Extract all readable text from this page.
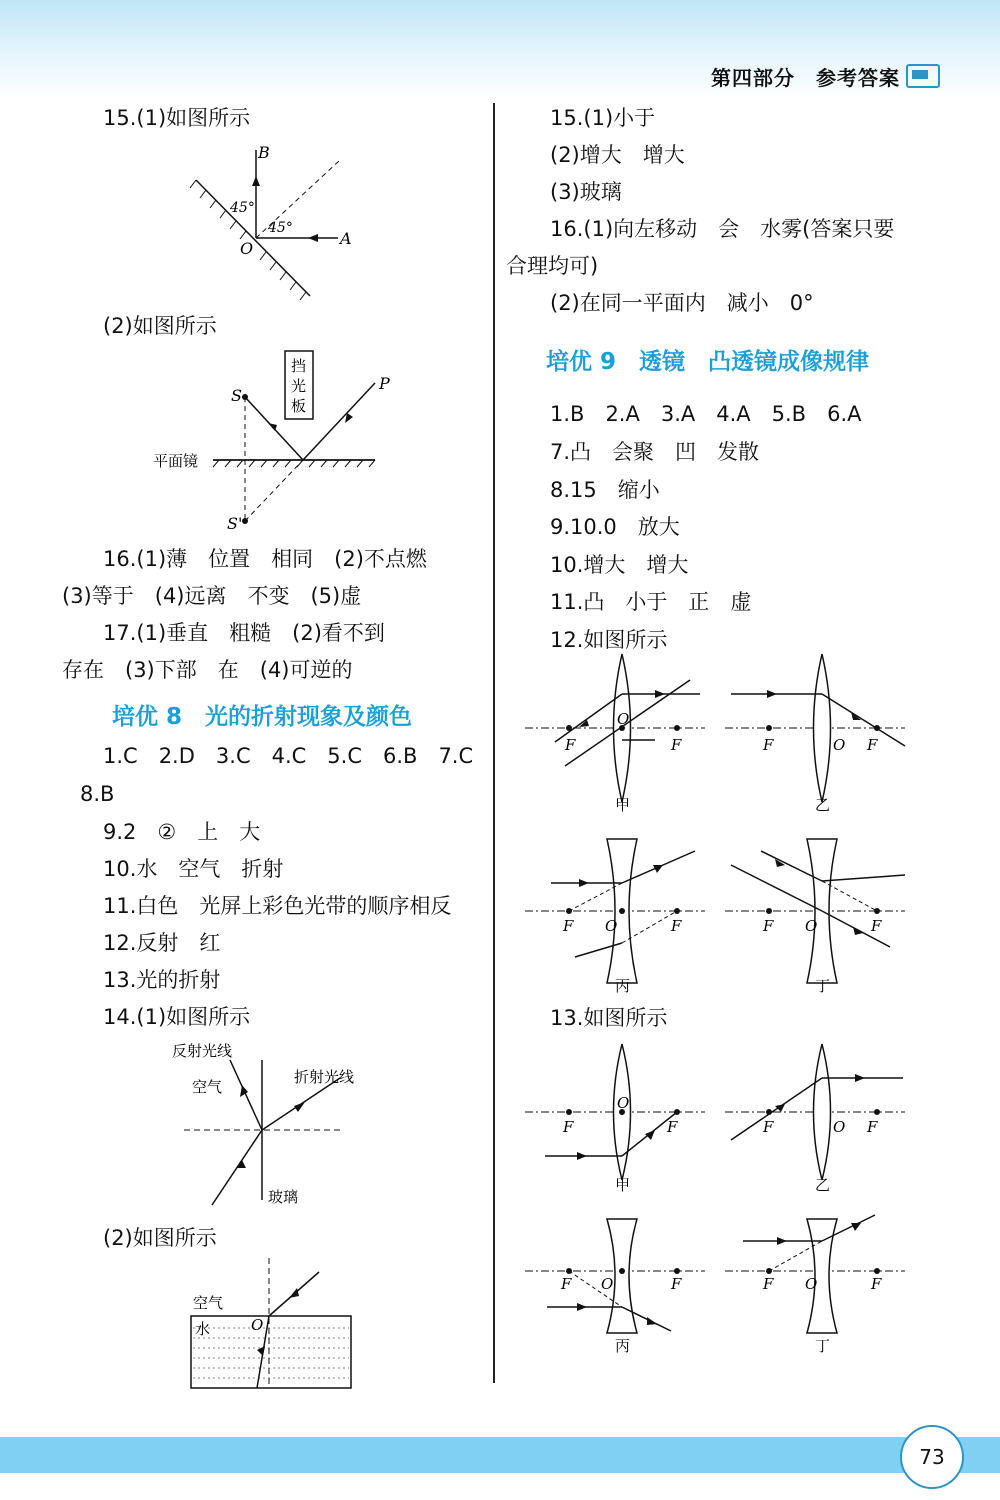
第四部分　参考答案
15.(1)如图所示
B
A
O
45°
45°
(2)如图所示
挡
光
板
S
S'
P
平面镜
16.(1)薄　位置　相同　(2)不点燃
(3)等于　(4)远离　不变　(5)虚
17.(1)垂直　粗糙　(2)看不到
存在　(3)下部　在　(4)可逆的
培优 8　光的折射现象及颜色
1.C　2.D　3.C　4.C　5.C　6.B　7.C
8.B
9.2　②　上　大
10.水　空气　折射
11.白色　光屏上彩色光带的顺序相反
12.反射　红
13.光的折射
14.(1)如图所示
反射光线
折射光线
空气
玻璃
(2)如图所示
空气
水	O
15.(1)小于
(2)增大　增大
(3)玻璃
16.(1)向左移动　会　水雾(答案只要
合理均可)
(2)在同一平面内　减小　0°
培优 9　透镜　凸透镜成像规律
1.B　2.A　3.A　4.A　5.B　6.A
7.凸　会聚　凹　发散
8.15　缩小
9.10.0　放大
10.增大　增大
11.凸　小于　正　虚
12.如图所示
F
O
F
甲
F	O F
乙
F O	F
丙
F O	F
丁
13.如图所示
F
O
F
甲
F	O F
乙
F O	F
丙
F O	F
丁
73
